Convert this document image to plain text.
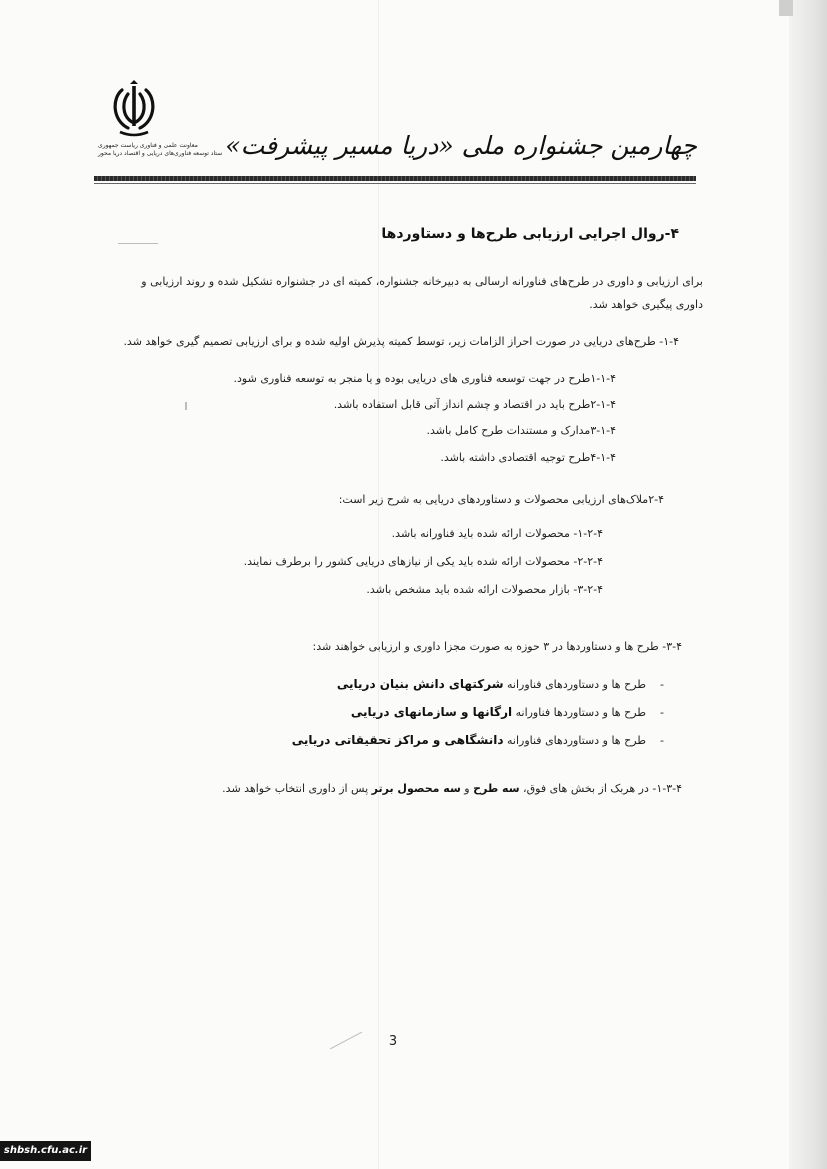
معاونت علمی و فناوری ریاست جمهوری
ستاد توسعه فناوری‌های دریایی و اقتصاد دریا محور چهارمین جشنواره ملی «دریا مسیر پیشرفت»
۴-روال اجرایی ارزیابی طرح‌ها و دستاوردها
برای ارزیابی و داوری در طرح‌های فناورانه ارسالی به دبیرخانه جشنواره، کمیته ای در جشنواره تشکیل شده و روند ارزیابی و
داوری پیگیری خواهد شد.
۱-۴- طرح‌های دریایی در صورت احراز الزامات زیر، توسط کمیته پذیرش اولیه شده و برای ارزیابی تصمیم گیری خواهد شد.
۱-۱-۴طرح در جهت توسعه فناوری های دریایی بوده و یا منجر به توسعه فناوری شود.
۲-۱-۴طرح باید در اقتصاد و چشم انداز آتی قابل استفاده باشد.
۳-۱-۴مدارک و مستندات طرح کامل باشد.
۴-۱-۴طرح توجیه اقتصادی داشته باشد.
۲-۴ملاک‌های ارزیابی محصولات و دستاوردهای دریایی به شرح زیر است:
۱-۲-۴- محصولات ارائه شده باید فناورانه باشد.
۲-۲-۴- محصولات ارائه شده باید یکی از نیازهای دریایی کشور را برطرف نمایند.
۳-۲-۴- بازار محصولات ارائه شده باید مشخص باشد.
۳-۴- طرح ها و دستاوردها در ۳ حوزه به صورت مجزا داوری و ارزیابی خواهند شد:
-طرح ها و دستاوردهای فناورانه شرکتهای دانش بنیان دریایی
-طرح ها و دستاوردها فناورانه ارگانها و سازمانهای دریایی
-طرح ها و دستاوردهای فناورانه دانشگاهی و مراکز تحقیقاتی دریایی
۱-۳-۴- در هربک از بخش های فوق، سه طرح و سه محصول برتر پس از داوری انتخاب خواهد شد.
3
shbsh.cfu.ac.ir
